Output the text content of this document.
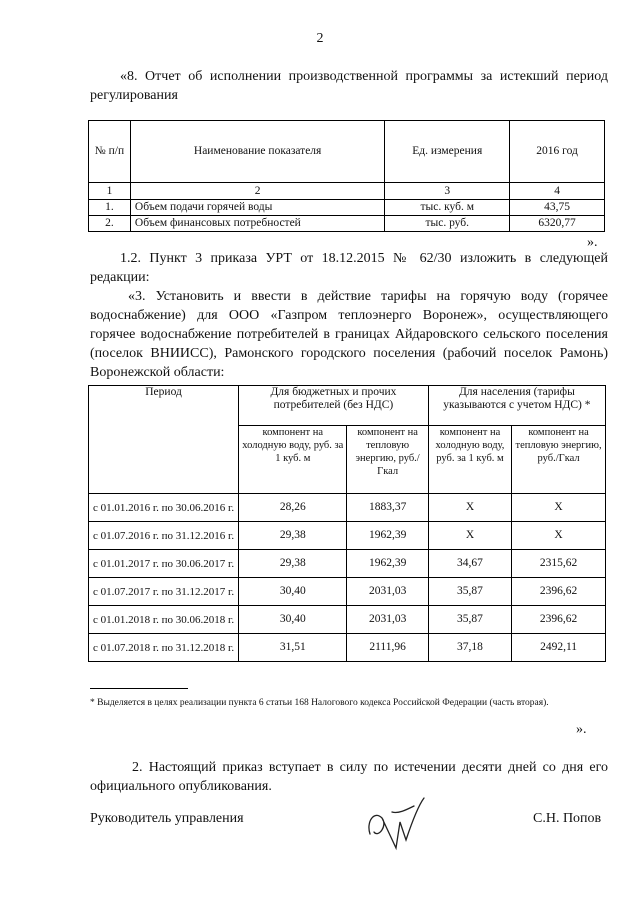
2
«8. Отчет об исполнении производственной программы за истекший период регулирования
№ п/п	Наименование показателя	Ед. измерения	2016 год
1	2	3	4
1.	Объем подачи горячей воды	тыс. куб. м	43,75
2.	Объем финансовых потребностей	тыс. руб.	6320,77
».
1.2. Пункт 3 приказа УРТ от 18.12.2015 № 62/30 изложить в следующей редакции:
«3. Установить и ввести в действие тарифы на горячую воду (горячее водоснабжение) для ООО «Газпром теплоэнерго Воронеж», осуществляющего горячее водоснабжение потребителей в границах Айдаровского сельского поселения (поселок ВНИИСС), Рамонского городского поселения (рабочий поселок Рамонь) Воронежской области:
Период	Для бюджетных и прочих потребителей (без НДС)		Для населения (тарифы указываются с учетом НДС) *	
	компонент на холодную воду, руб. за 1 куб. м	компонент на тепловую энергию, руб./Гкал	компонент на холодную воду, руб. за 1 куб. м	компонент на тепловую энергию, руб./Гкал
с 01.01.2016 г. по 30.06.2016 г.	28,26	1883,37	X	X
с 01.07.2016 г. по 31.12.2016 г.	29,38	1962,39	X	X
с 01.01.2017 г. по 30.06.2017 г.	29,38	1962,39	34,67	2315,62
с 01.07.2017 г. по 31.12.2017 г.	30,40	2031,03	35,87	2396,62
с 01.01.2018 г. по 30.06.2018 г.	30,40	2031,03	35,87	2396,62
с 01.07.2018 г. по 31.12.2018 г.	31,51	2111,96	37,18	2492,11
* Выделяется в целях реализации пункта 6 статьи 168 Налогового кодекса Российской Федерации (часть вторая).
».
2. Настоящий приказ вступает в силу по истечении десяти дней со дня его официального опубликования.
Руководитель управления	С.Н. Попов
